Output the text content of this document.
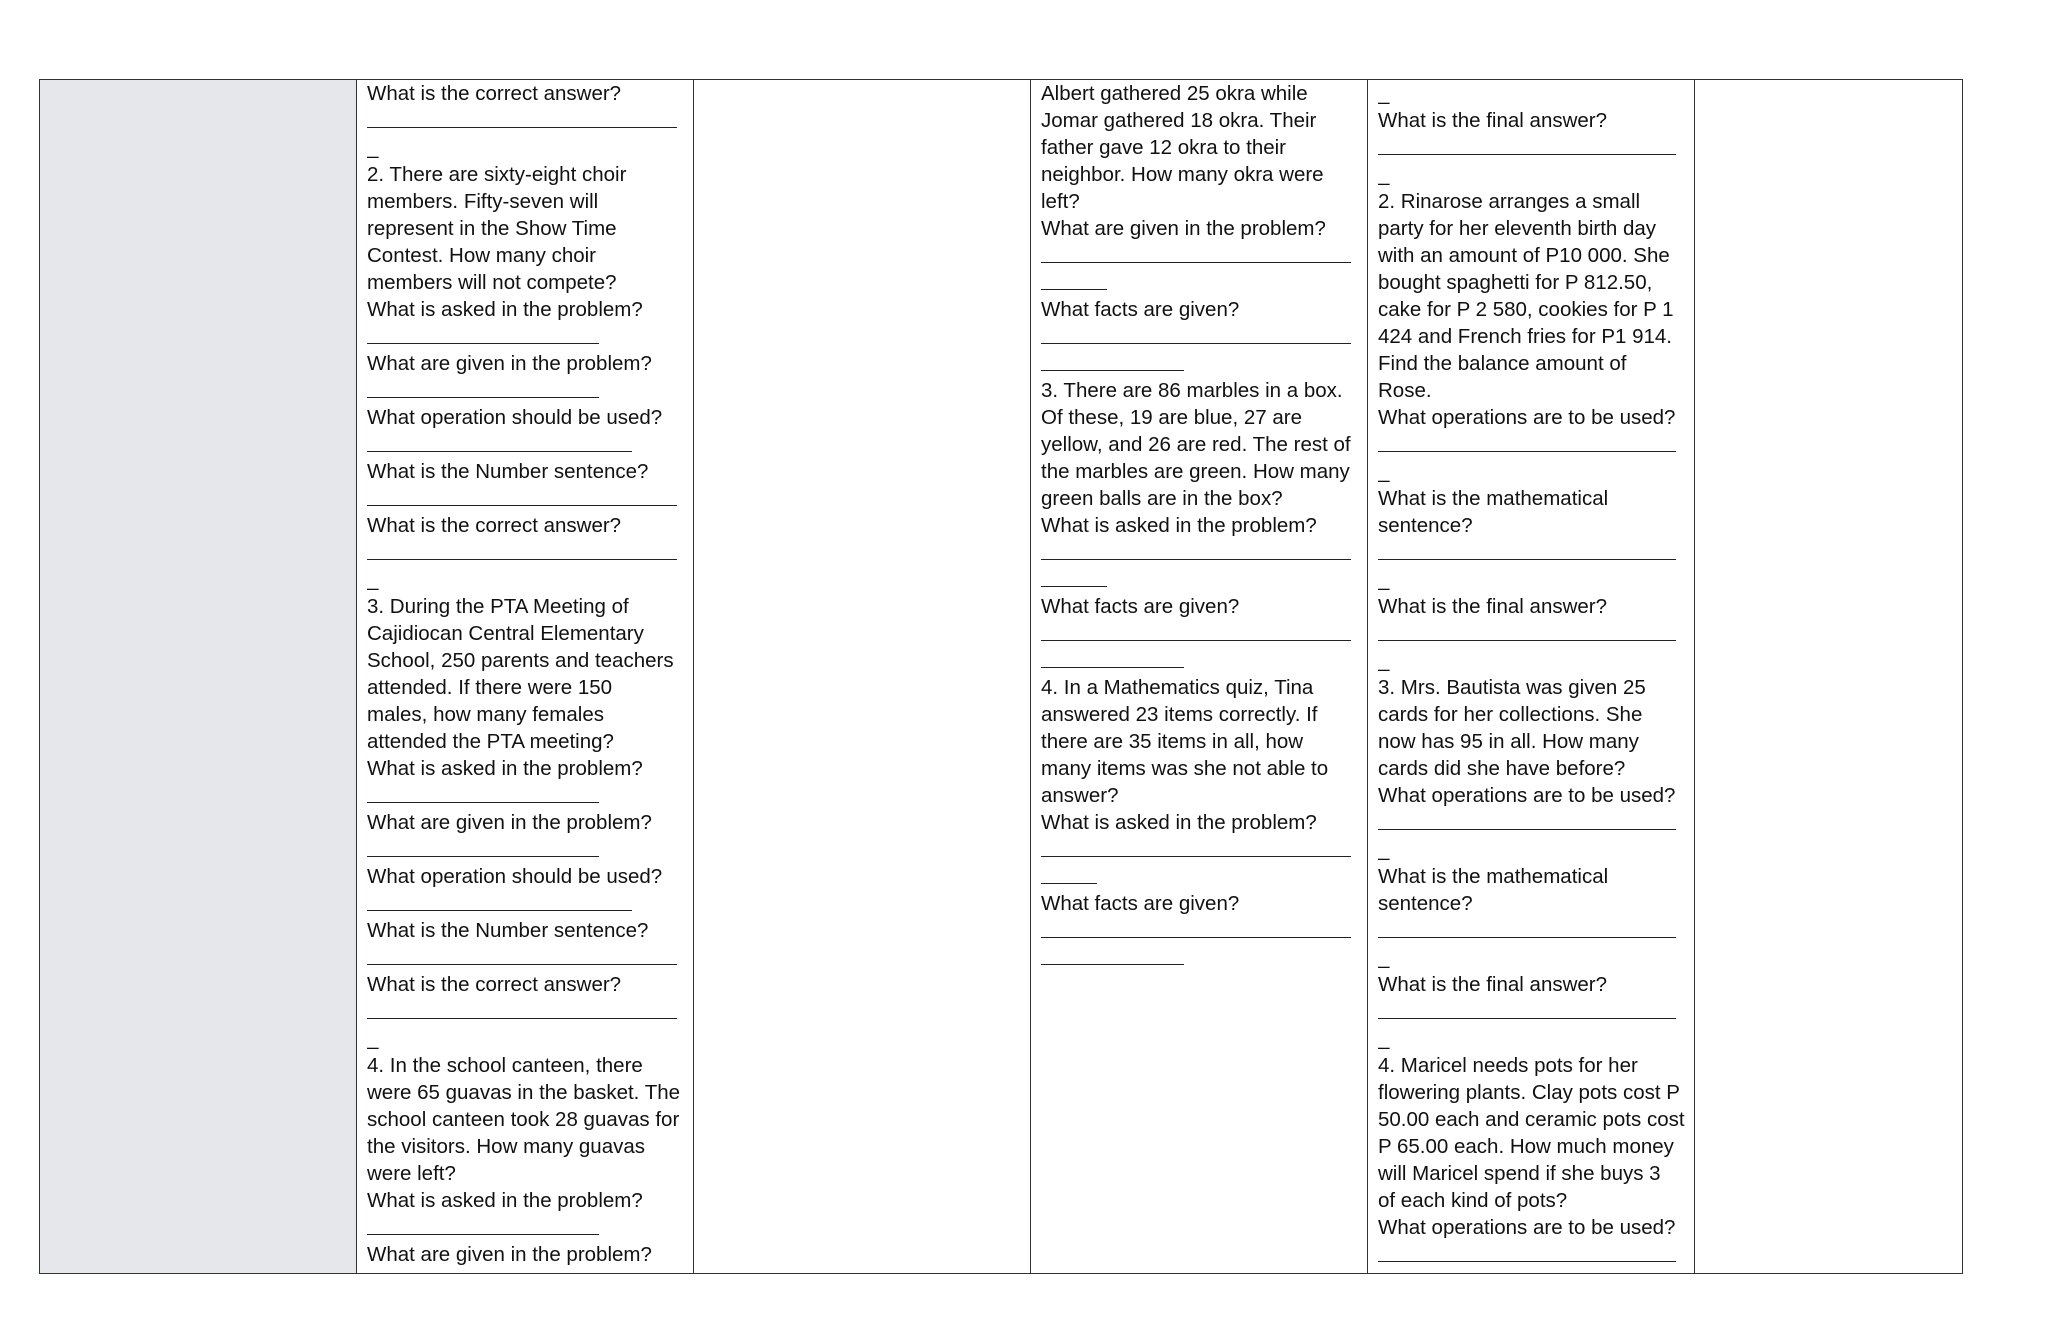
What is the correct answer?
_
2. There are sixty-eight choir
members. Fifty-seven will
represent in the Show Time
Contest. How many choir
members will not compete?
What is asked in the problem?
What are given in the problem?
What operation should be used?
What is the Number sentence?
What is the correct answer?
_
3. During the PTA Meeting of
Cajidiocan Central Elementary
School, 250 parents and teachers
attended. If there were 150
males, how many females
attended the PTA meeting?
What is asked in the problem?
What are given in the problem?
What operation should be used?
What is the Number sentence?
What is the correct answer?
_
4. In the school canteen, there
were 65 guavas in the basket. The
school canteen took 28 guavas for
the visitors. How many guavas
were left?
What is asked in the problem?
What are given in the problem?

Albert gathered 25 okra while
Jomar gathered 18 okra. Their
father gave 12 okra to their
neighbor. How many okra were
left?
What are given in the problem?
What facts are given?
3. There are 86 marbles in a box.
Of these, 19 are blue, 27 are
yellow, and 26 are red. The rest of
the marbles are green. How many
green balls are in the box?
What is asked in the problem?
What facts are given?
4. In a Mathematics quiz, Tina
answered 23 items correctly. If
there are 35 items in all, how
many items was she not able to
answer?
What is asked in the problem?
What facts are given?

_
What is the final answer?
_
2. Rinarose arranges a small
party for her eleventh birth day
with an amount of P10 000. She
bought spaghetti for P 812.50,
cake for P 2 580, cookies for P 1
424 and French fries for P1 914.
Find the balance amount of
Rose.
What operations are to be used?
_
What is the mathematical
sentence?
_
What is the final answer?
_
3. Mrs. Bautista was given 25
cards for her collections. She
now has 95 in all. How many
cards did she have before?
What operations are to be used?
_
What is the mathematical
sentence?
_
What is the final answer?
_
4. Maricel needs pots for her
flowering plants. Clay pots cost P
50.00 each and ceramic pots cost
P 65.00 each. How much money
will Maricel spend if she buys 3
of each kind of pots?
What operations are to be used?
